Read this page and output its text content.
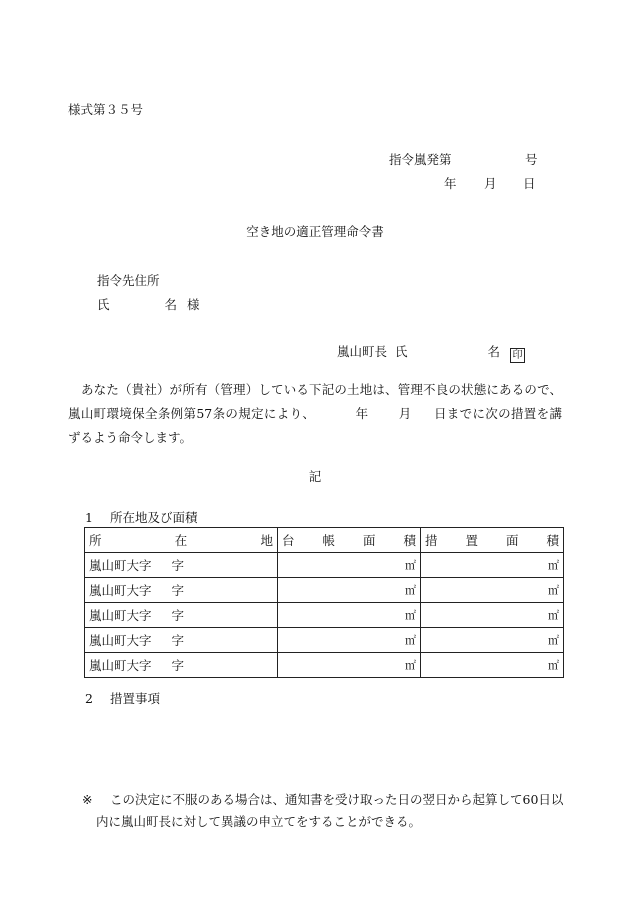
様式第３５号
指令嵐発第	号
年 月 日
空き地の適正管理命令書
指令先住所
氏	名 様
嵐山町長 氏	名 印
あなた（貴社）が所有（管理）している下記の土地は、管理不良の状態にあるので、嵐山町環境保全条例第57条の規定により、	年 月 日までに次の措置を講ずるよう命令します。
記
1 所在地及び面積
所 在 地	台 帳 面 積	措 置 面 積

嵐山町大字 字	㎡	㎡

嵐山町大字 字	㎡	㎡

嵐山町大字 字	㎡	㎡

嵐山町大字 字	㎡	㎡

嵐山町大字 字	㎡	㎡
2 措置事項
※	この決定に不服のある場合は、通知書を受け取った日の翌日から起算して60日以内に嵐山町長に対して異議の申立てをすることができる。
